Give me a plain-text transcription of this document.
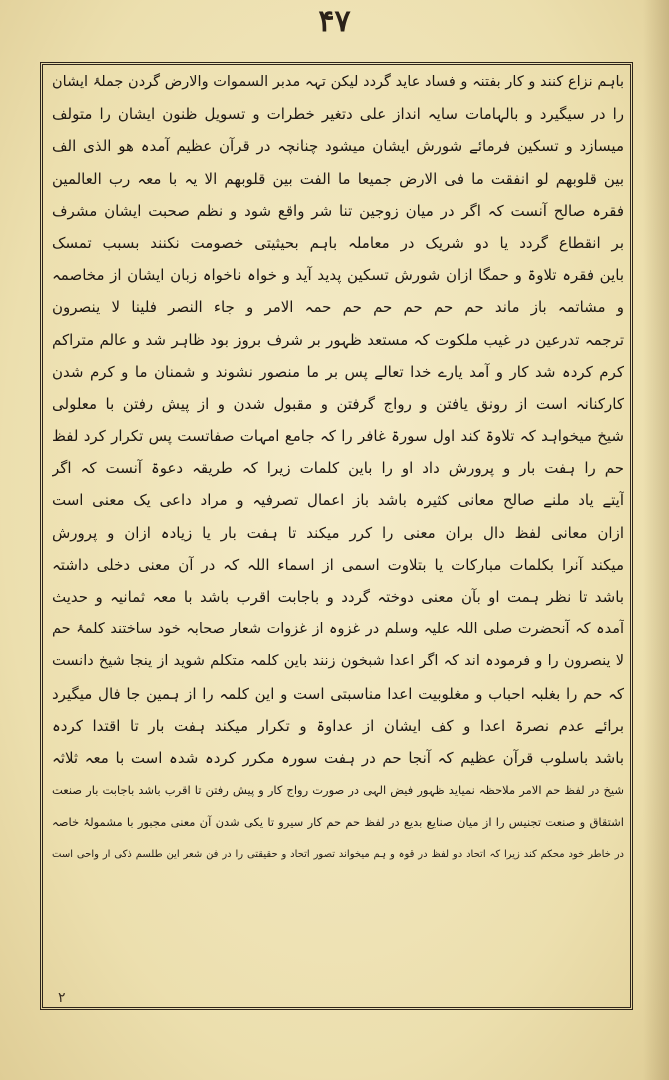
۴۷
باہم نزاع کنند و کار بفتنہ و فساد عاید گردد لیکن تہہ مدبر السموات والارض گردن جملۂ ایشان
را در سیگیرد و بالہامات سایہ انداز علی دتغیر خطرات و تسویل ظنون ایشان را متولف
میسازد و تسکین فرمائے شورش ایشان میشود چنانچہ در قرآن عظیم آمدہ ھو الذی الف
بین قلوبھم لو انفقت ما فی الارض جمیعا ما الفت بین قلوبھم الا یہ با معہ رب العالمین
فقرہ صالح آنست کہ اگر در میان زوجین تنا شر واقع شود و نظم صحبت ایشان مشرف
بر انقطاع گردد یا دو شریک در معاملہ باہم بحیثیتی خصومت نکنند بسبب تمسک
باین فقرہ تلاوۃ و حمگا ازان شورش تسکین پدید آید و خواہ ناخواہ زبان ایشان از مخاصمہ
و مشاتمہ باز ماند حم حم حم حم حم حمہ الامر و جاء النصر فلینا لا ینصرون
ترجمہ تدرعین در غیب ملکوت کہ مستعد ظہور بر شرف بروز بود ظاہر شد و عالم متراکم
کرم کردہ شد کار و آمد یارے خدا تعالے پس بر ما منصور نشوند و شمنان ما و کرم شدن
کارکنانہ است از رونق یافتن و رواج گرفتن و مقبول شدن و از پیش رفتن با معلولی
شیخ میخواہد کہ تلاوۃ کند اول سورۃ غافر را کہ جامع امہات صفاتست پس تکرار کرد لفظ
حم را ہفت بار و پرورش داد او را باین کلمات زیرا کہ طریقہ دعوۃ آنست کہ اگر
آیتے یاد ملنے صالح معانی کثیرہ باشد باز اعمال تصرفیہ و مراد داعی یک معنی است
ازان معانی لفظ دال بران معنی را کرر میکند تا ہفت بار یا زیادہ ازان و پرورش
میکند آنرا بکلمات مبارکات یا بتلاوت اسمی از اسماء اللہ کہ در آن معنی دخلی داشتہ
باشد تا نظر ہمت او بآن معنی دوختہ گردد و باجابت اقرب باشد با معہ ثمانیہ و حدیث
آمدہ کہ آنحضرت صلی اللہ علیہ وسلم در غزوہ از غزوات شعار صحابہ خود ساختند کلمۂ حم
لا ینصرون را و فرمودہ اند کہ اگر اعدا شبخون زنند باین کلمہ متکلم شوید از ینجا شیخ دانست
کہ حم را بغلبہ احباب و مغلوبیت اعدا مناسبتی است و این کلمہ را از ہمین جا فال میگیرد
برائے عدم نصرۃ اعدا و کف ایشان از عداوۃ و تکرار میکند ہفت بار تا اقتدا کردہ
باشد باسلوب قرآن عظیم کہ آنجا حم در ہفت سورہ مکرر کردہ شدہ است با معہ ثلاثہ
شیخ در لفظ حم الامر ملاحظہ نمیاید ظہور فیض الہی در صورت رواج کار و پیش رفتن تا اقرب باشد باجابت بار صنعت
اشتقاق و صنعت تجنیس را از میان صنایع بدیع در لفظ حم حم کار سیرو تا یکی شدن آن معنی مجبور با مشمولۂ خاصہ
در خاطر خود محکم کند زیرا کہ اتحاد دو لفظ در قوہ و ہم میخواند تصور اتحاد و حقیقتی را در فن شعر این طلسم ذکی ار واحی است
۲
